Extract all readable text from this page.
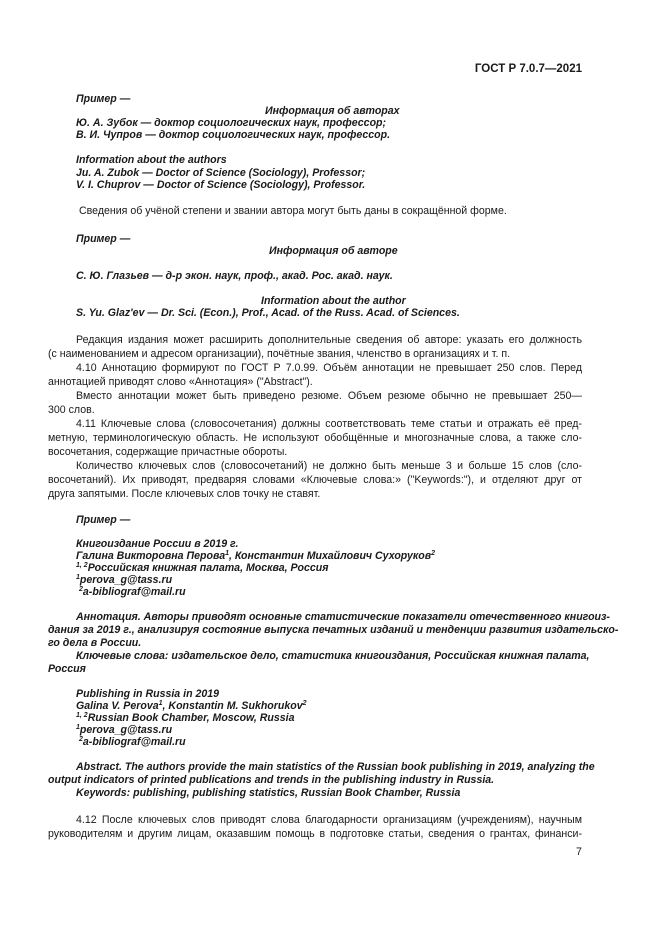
ГОСТ Р 7.0.7—2021
Пример —
Информация об авторах
Ю. А. Зубок — доктор социологических наук, профессор;
В. И. Чупров — доктор социологических наук, профессор.
Information about the authors
Ju. A. Zubok — Doctor of Science (Sociology), Professor;
V. I. Chuprov — Doctor of Science (Sociology), Professor.
Сведения об учёной степени и звании автора могут быть даны в сокращённой форме.
Пример —
Информация об авторе
С. Ю. Глазьев — д-р экон. наук, проф., акад. Рос. акад. наук.
Information about the author
S. Yu. Glaz'ev — Dr. Sci. (Econ.), Prof., Acad. of the Russ. Acad. of Sciences.
Редакция издания может расширить дополнительные сведения об авторе: указать его должность
(с наименованием и адресом организации), почётные звания, членство в организациях и т. п.
4.10 Аннотацию формируют по ГОСТ Р 7.0.99. Объём аннотации не превышает 250 слов. Перед
аннотацией приводят слово «Аннотация» ("Abstract").
Вместо аннотации может быть приведено резюме. Объем резюме обычно не превышает 250—
300 слов.
4.11 Ключевые слова (словосочетания) должны соответствовать теме статьи и отражать её пред-
метную, терминологическую область. Не используют обобщённые и многозначные слова, а также сло-
восочетания, содержащие причастные обороты.
Количество ключевых слов (словосочетаний) не должно быть меньше 3 и больше 15 слов (сло-
восочетаний). Их приводят, предваряя словами «Ключевые слова:» ("Keywords:"), и отделяют друг от
друга запятыми. После ключевых слов точку не ставят.
Пример —
Книгоиздание России в 2019 г.
Галина Викторовна Перова$^1$, Константин Михайлович Сухоруков$^2$
$^{1, 2}$Российская книжная палата, Москва, Россия
$^1$perova_g@tass.ru
$^2$a-bibliograf@mail.ru
Аннотация. Авторы приводят основные статистические показатели отечественного книгоиз-
дания за 2019 г., анализируя состояние выпуска печатных изданий и тенденции развития издательско-
го дела в России.
Ключевые слова: издательское дело, статистика книгоиздания, Российская книжная палата,
Россия
Publishing in Russia in 2019
Galina V. Perova$^1$, Konstantin M. Sukhorukov$^2$
$^{1, 2}$Russian Book Chamber, Moscow, Russia
$^1$perova_g@tass.ru
$^2$a-bibliograf@mail.ru
Abstract. The authors provide the main statistics of the Russian book publishing in 2019, analyzing the
output indicators of printed publications and trends in the publishing industry in Russia.
Keywords: publishing, publishing statistics, Russian Book Chamber, Russia
4.12 После ключевых слов приводят слова благодарности организациям (учреждениям), научным
руководителям и другим лицам, оказавшим помощь в подготовке статьи, сведения о грантах, финанси-
7
